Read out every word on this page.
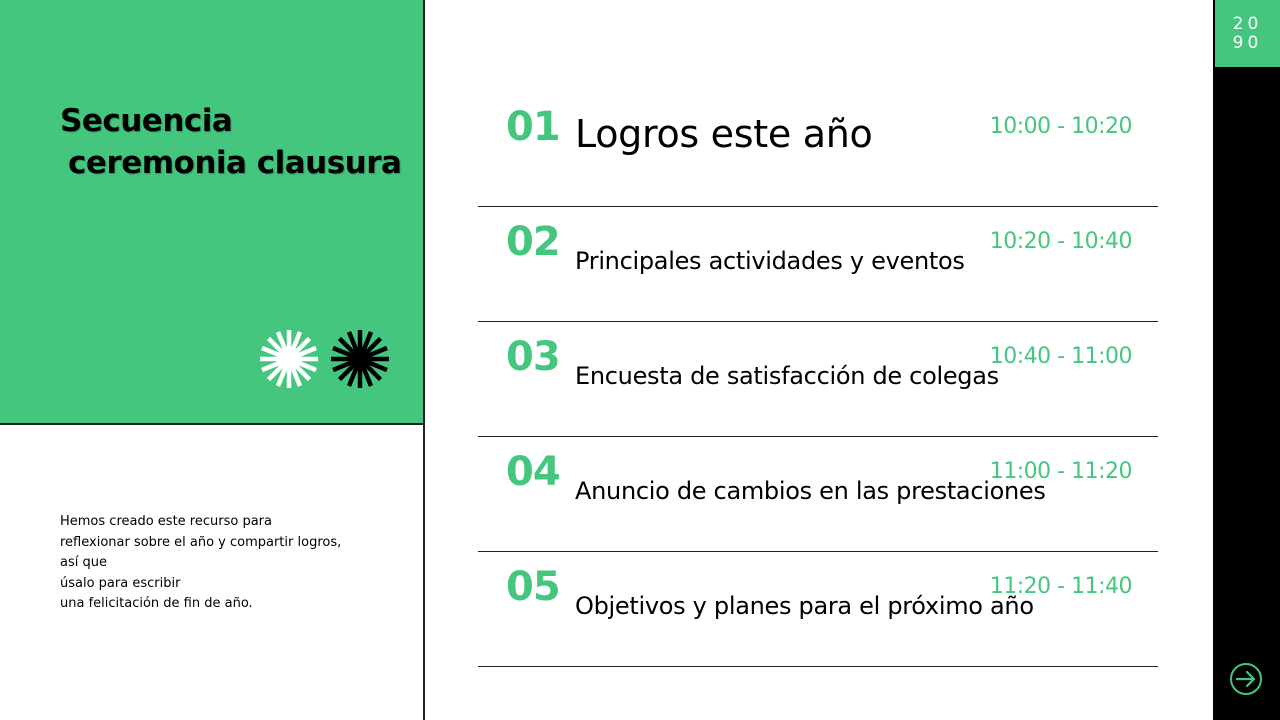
Secuencia
ceremonia clausura
Hemos creado este recurso para
reflexionar sobre el año y compartir logros,
así que
úsalo para escribir
una felicitación de fin de año.
01 Logros este año	10:00 - 10:20
02 Principales actividades y eventos
10:20 - 10:40
03 Encuesta de satisfacción de colegas
10:40 - 11:00
04 Anuncio de cambios en las prestaciones
11:00 - 11:20
05 Objetivos y planes para el próximo año
11:20 - 11:40
20
90
